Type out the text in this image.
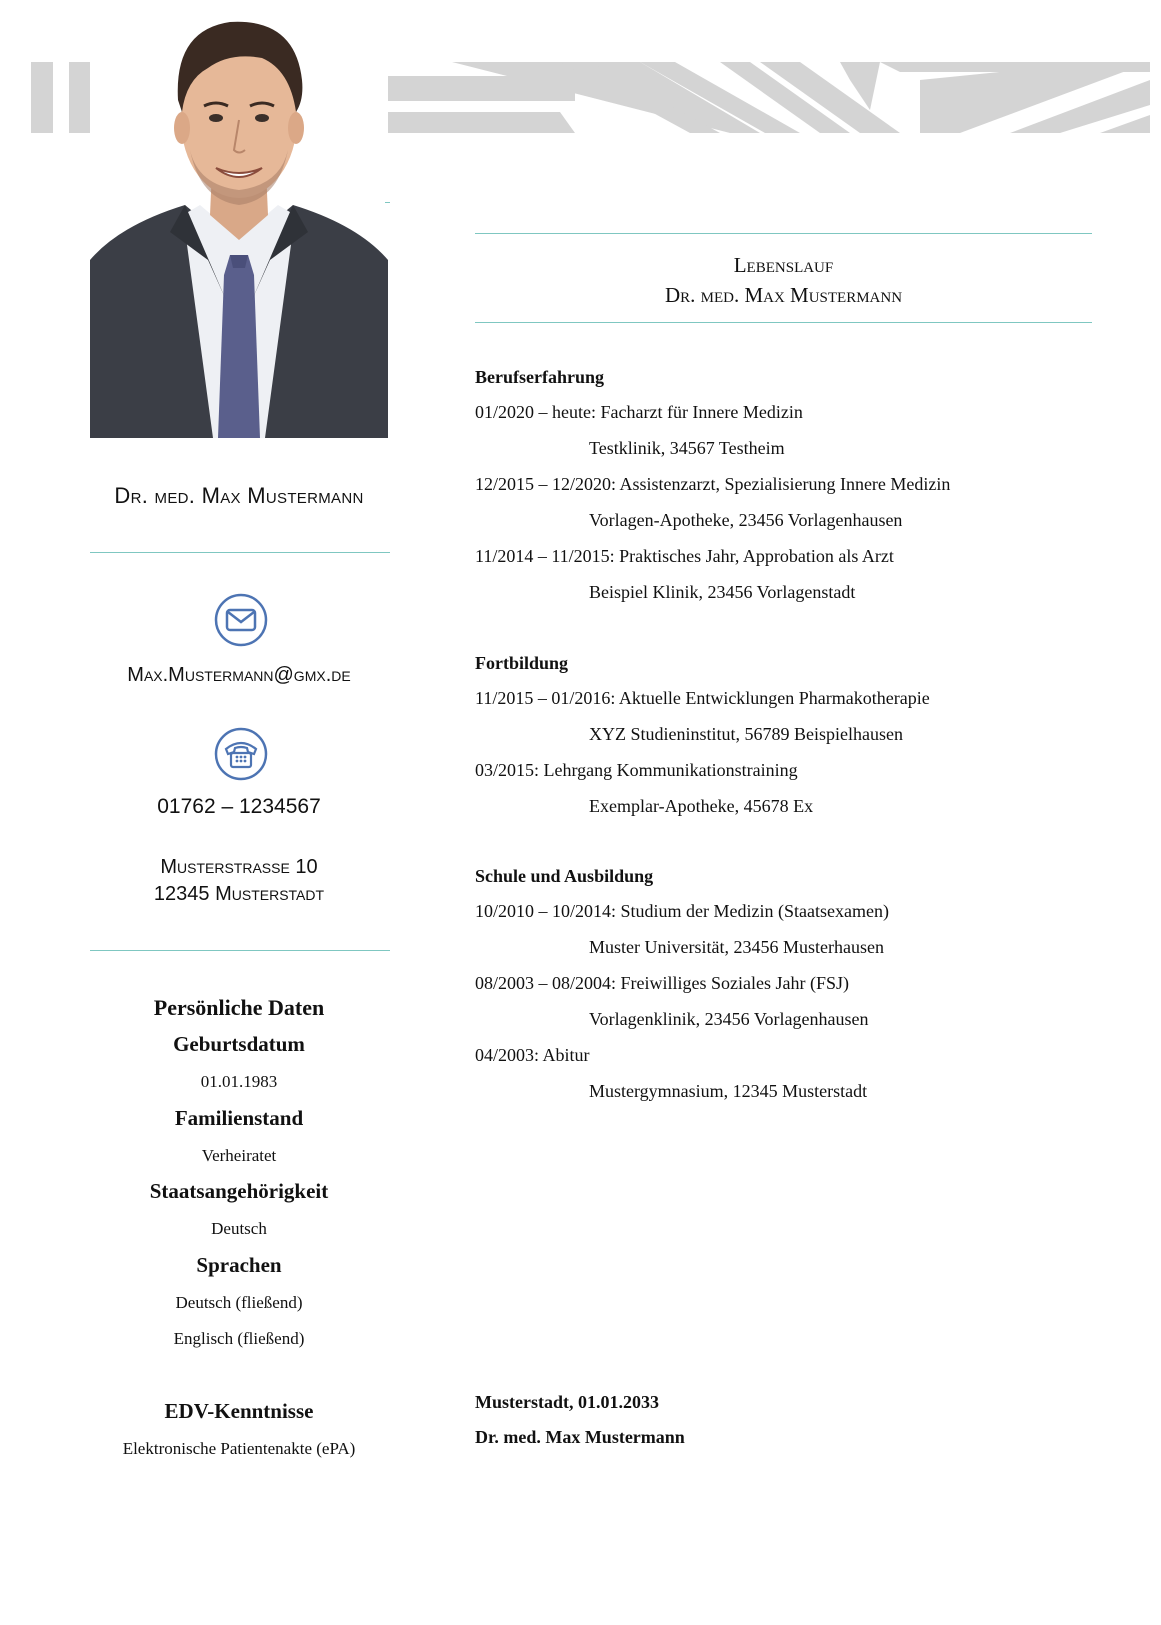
Dr. med. Max Mustermann
Max.Mustermann@gmx.de
01762 – 1234567
Musterstrasse 10
12345 Musterstadt
Persönliche Daten
Geburtsdatum
01.01.1983
Familienstand
Verheiratet
Staatsangehörigkeit
Deutsch
Sprachen
Deutsch (fließend)
Englisch (fließend)
EDV-Kenntnisse
Elektronische Patientenakte (ePA)
Lebenslauf
Dr. med. Max Mustermann
Berufserfahrung
01/2020 – heute: Facharzt für Innere Medizin
Testklinik, 34567 Testheim
12/2015 – 12/2020: Assistenzarzt, Spezialisierung Innere Medizin
Vorlagen-Apotheke, 23456 Vorlagenhausen
11/2014 – 11/2015: Praktisches Jahr, Approbation als Arzt
Beispiel Klinik, 23456 Vorlagenstadt
Fortbildung
11/2015 – 01/2016: Aktuelle Entwicklungen Pharmakotherapie
XYZ Studieninstitut, 56789 Beispielhausen
03/2015: Lehrgang Kommunikationstraining
Exemplar-Apotheke, 45678 Ex
Schule und Ausbildung
10/2010 – 10/2014: Studium der Medizin (Staatsexamen)
Muster Universität, 23456 Musterhausen
08/2003 – 08/2004: Freiwilliges Soziales Jahr (FSJ)
Vorlagenklinik, 23456 Vorlagenhausen
04/2003: Abitur
Mustergymnasium, 12345 Musterstadt
Musterstadt, 01.01.2033
Dr. med. Max Mustermann
